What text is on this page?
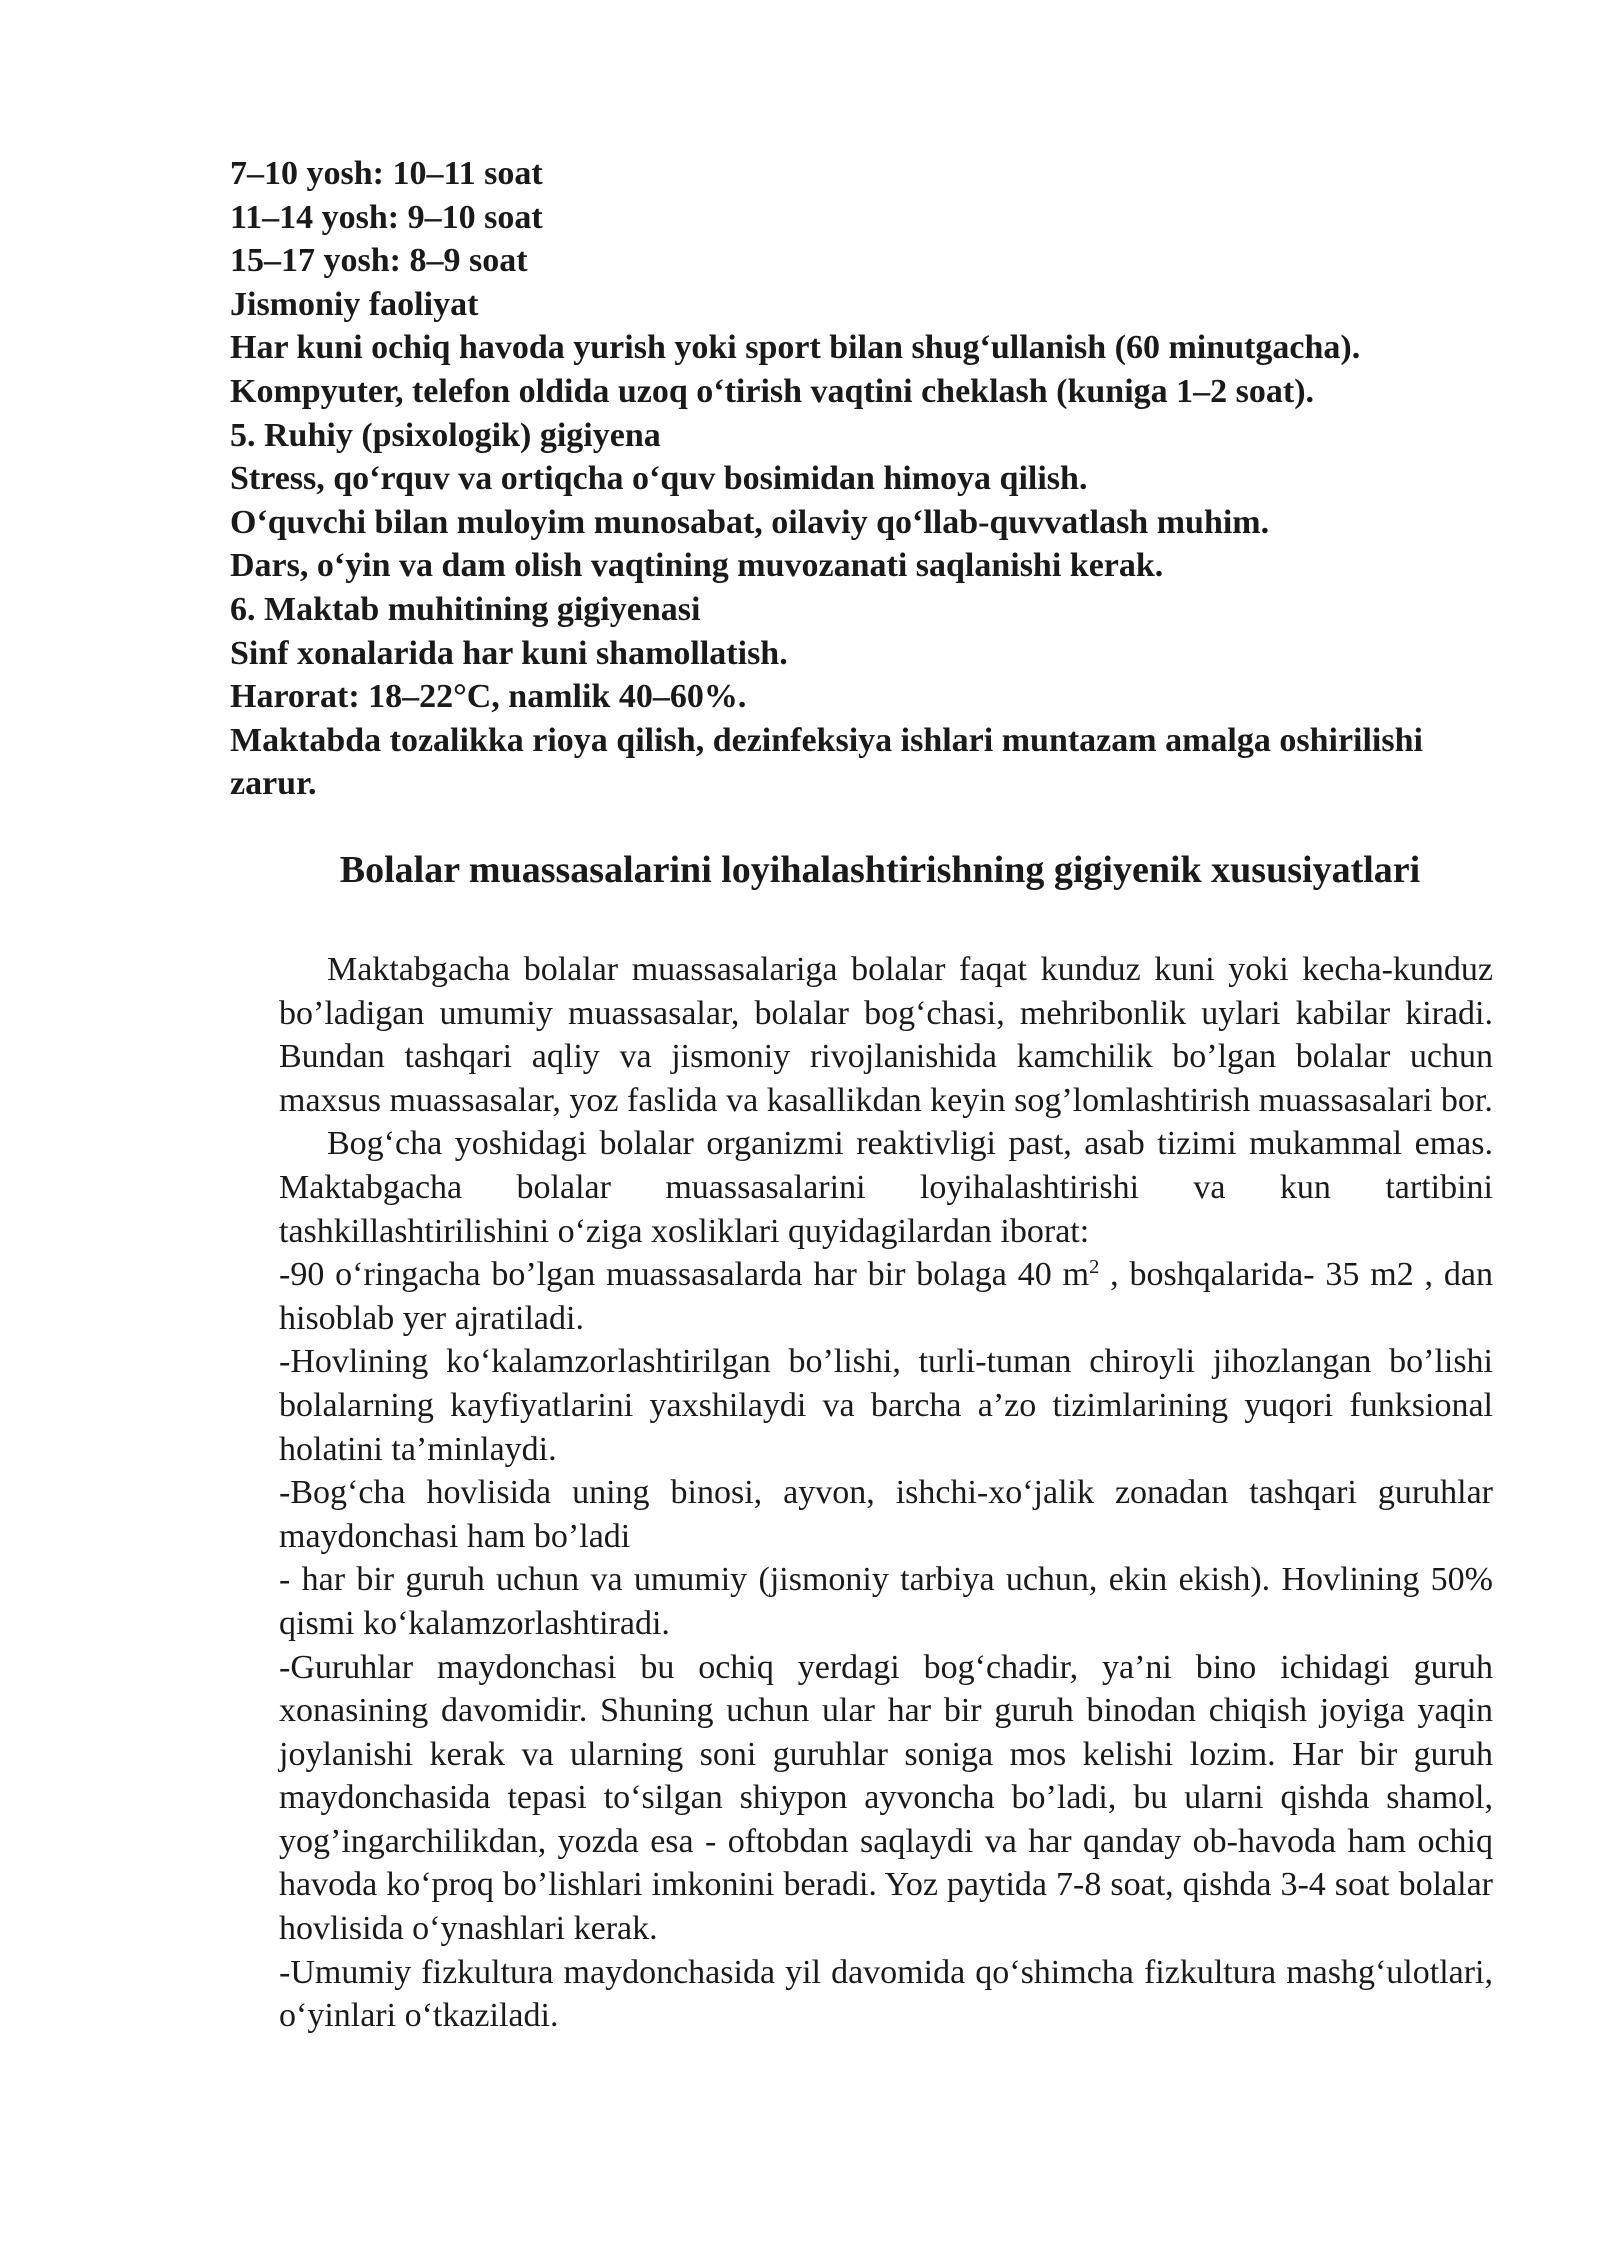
7–10 yosh: 10–11 soat
11–14 yosh: 9–10 soat
15–17 yosh: 8–9 soat
Jismoniy faoliyat
Har kuni ochiq havoda yurish yoki sport bilan shug‘ullanish (60 minutgacha).
Kompyuter, telefon oldida uzoq o‘tirish vaqtini cheklash (kuniga 1–2 soat).
5. Ruhiy (psixologik) gigiyena
Stress, qo‘rquv va ortiqcha o‘quv bosimidan himoya qilish.
O‘quvchi bilan muloyim munosabat, oilaviy qo‘llab-quvvatlash muhim.
Dars, o‘yin va dam olish vaqtining muvozanati saqlanishi kerak.
6. Maktab muhitining gigiyenasi
Sinf xonalarida har kuni shamollatish.
Harorat: 18–22°C, namlik 40–60%.
Maktabda tozalikka rioya qilish, dezinfeksiya ishlari muntazam amalga oshirilishi zarur.
Bolalar muassasalarini loyihalashtirishning gigiyenik xususiyatlari

Maktabgacha bolalar muassasalariga bolalar faqat kunduz kuni yoki kecha-kunduz bo’ladigan umumiy muassasalar, bolalar bog‘chasi, mehribonlik uylari kabilar kiradi. Bundan tashqari aqliy va jismoniy rivojlanishida kamchilik bo’lgan bolalar uchun maxsus muassasalar, yoz faslida va kasallikdan keyin sog’lomlashtirish muassasalari bor.

Bog‘cha yoshidagi bolalar organizmi reaktivligi past, asab tizimi mukammal emas. Maktabgacha bolalar muassasalarini loyihalashtirishi va kun tartibini tashkillashtirilishini o‘ziga xosliklari quyidagilardan iborat:

-90 o‘ringacha bo’lgan muassasalarda har bir bolaga 40 $m^2$ , boshqalarida- 35 m2 , dan hisoblab yer ajratiladi.

-Hovlining ko‘kalamzorlashtirilgan bo’lishi, turli-tuman chiroyli jihozlangan bo’lishi bolalarning kayfiyatlarini yaxshilaydi va barcha a’zo tizimlarining yuqori funksional holatini ta’minlaydi.

-Bog‘cha hovlisida uning binosi, ayvon, ishchi-xo‘jalik zonadan tashqari guruhlar maydonchasi ham bo’ladi

- har bir guruh uchun va umumiy (jismoniy tarbiya uchun, ekin ekish). Hovlining 50% qismi ko‘kalamzorlashtiradi.

-Guruhlar maydonchasi bu ochiq yerdagi bog‘chadir, ya’ni bino ichidagi guruh xonasining davomidir. Shuning uchun ular har bir guruh binodan chiqish joyiga yaqin joylanishi kerak va ularning soni guruhlar soniga mos kelishi lozim. Har bir guruh maydonchasida tepasi to‘silgan shiypon ayvoncha bo’ladi, bu ularni qishda shamol, yog’ingarchilikdan, yozda esa - oftobdan saqlaydi va har qanday ob-havoda ham ochiq havoda ko‘proq bo’lishlari imkonini beradi. Yoz paytida 7-8 soat, qishda 3-4 soat bolalar hovlisida o‘ynashlari kerak.

-Umumiy fizkultura maydonchasida yil davomida qo‘shimcha fizkultura mashg‘ulotlari, o‘yinlari o‘tkaziladi.
